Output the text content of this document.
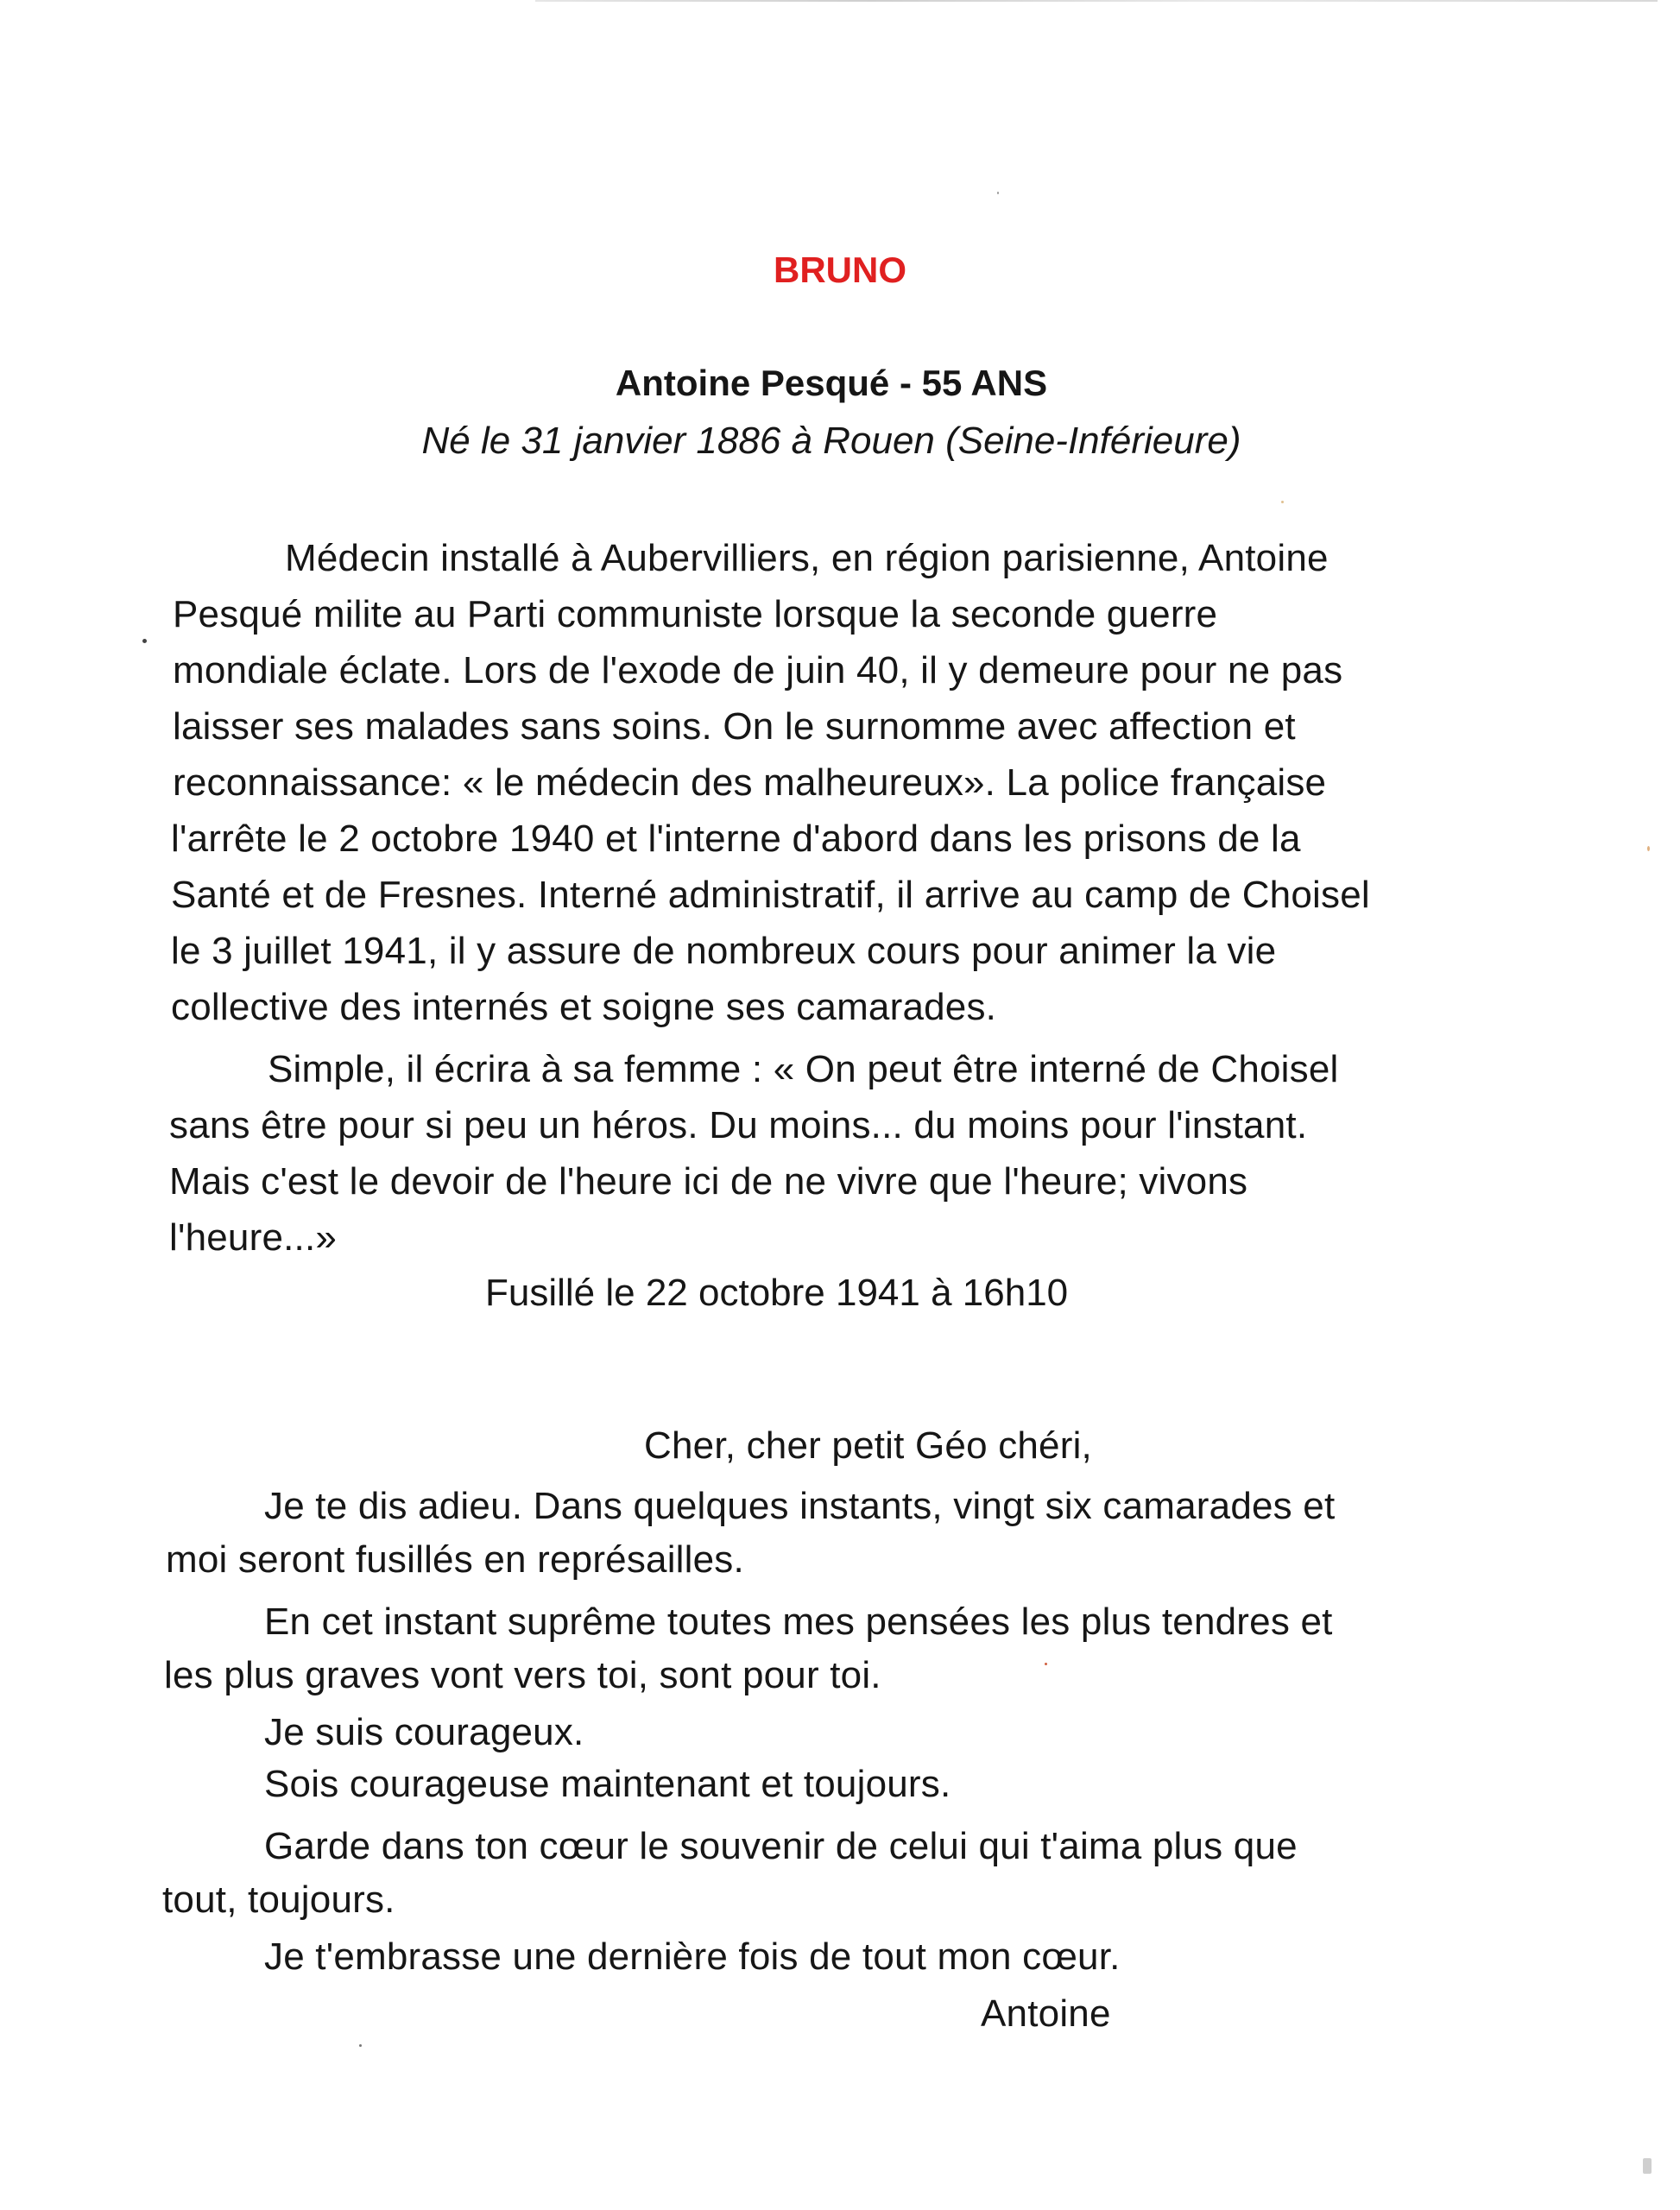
BRUNO
Antoine Pesqué - 55 ANS
Né le 31 janvier 1886 à Rouen (Seine-Inférieure)
Médecin installé à Aubervilliers, en région parisienne, Antoine
Pesqué milite au Parti communiste lorsque la seconde guerre
mondiale éclate. Lors de l'exode de juin 40, il y demeure pour ne pas
laisser ses malades sans soins. On le surnomme avec affection et
reconnaissance: « le médecin des malheureux». La police française
l'arrête le 2 octobre 1940 et l'interne d'abord dans les prisons de la
Santé et de Fresnes. Interné administratif, il arrive au camp de Choisel
le 3 juillet 1941, il y assure de nombreux cours pour animer la vie
collective des internés et soigne ses camarades.
Simple, il écrira à sa femme : « On peut être interné de Choisel
sans être pour si peu un héros. Du moins... du moins pour l'instant.
Mais c'est le devoir de l'heure ici de ne vivre que l'heure; vivons
l'heure...»
Fusillé le 22 octobre 1941 à 16h10
Cher, cher petit Géo chéri,
Je te dis adieu. Dans quelques instants, vingt six camarades et
moi seront fusillés en représailles.
En cet instant suprême toutes mes pensées les plus tendres et
les plus graves vont vers toi, sont pour toi.
Je suis courageux.
Sois courageuse maintenant et toujours.
Garde dans ton cœur le souvenir de celui qui t'aima plus que
tout, toujours.
Je t'embrasse une dernière fois de tout mon cœur.
Antoine
